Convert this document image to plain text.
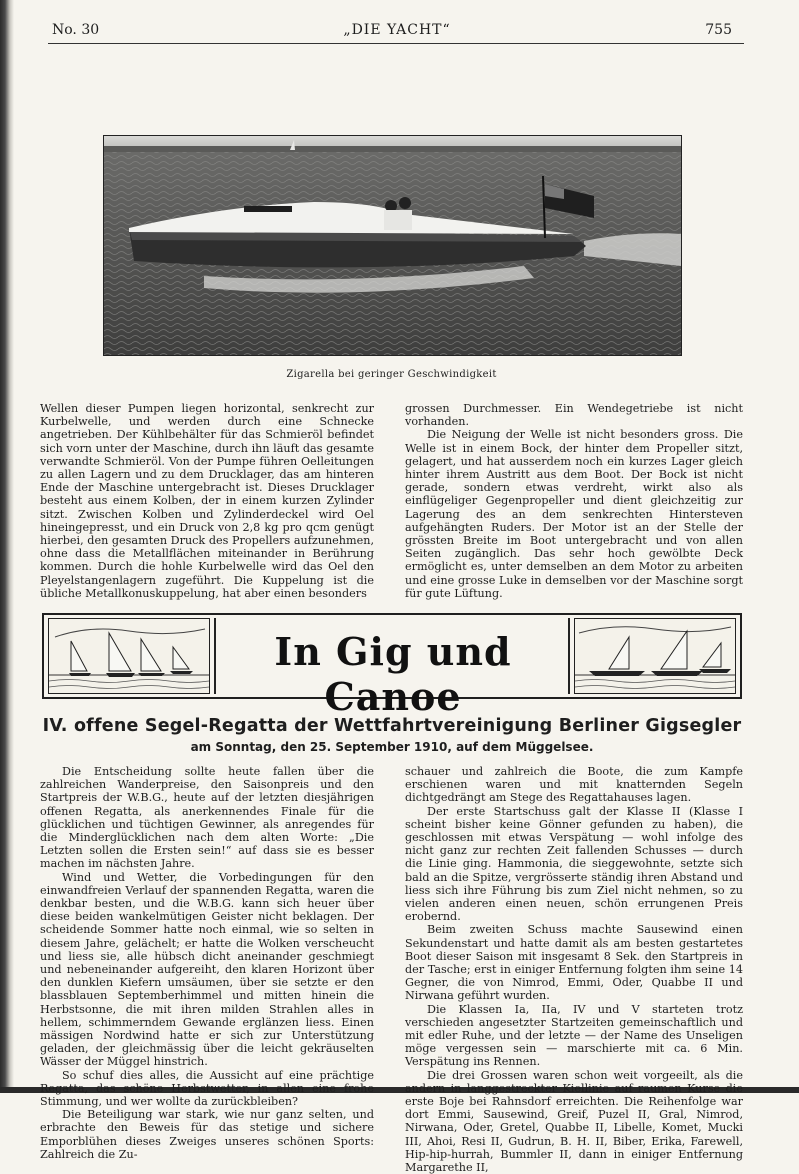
No. 30	„DIE YACHT“	755
Zigarella bei geringer Geschwindigkeit

Wellen dieser Pumpen liegen horizontal, senkrecht zur Kurbelwelle, und werden durch eine Schnecke angetrieben. Der Kühlbehälter für das Schmieröl befindet sich vorn unter der Maschine, durch ihn läuft das gesamte verwandte Schmieröl. Von der Pumpe führen Oelleitungen zu allen Lagern und zu dem Drucklager, das am hinteren Ende der Maschine untergebracht ist. Dieses Drucklager besteht aus einem Kolben, der in einem kurzen Zylinder sitzt. Zwischen Kolben und Zylinderdeckel wird Oel hineingepresst, und ein Druck von 2,8 kg pro qcm genügt hierbei, den gesamten Druck des Propellers aufzunehmen, ohne dass die Metallflächen miteinander in Berührung kommen. Durch die hohle Kurbelwelle wird das Oel den Pleyelstangenlagern zugeführt. Die Kuppelung ist die übliche Metallkonuskuppelung, hat aber einen besonders

grossen Durchmesser. Ein Wendegetriebe ist nicht vorhanden.

Die Neigung der Welle ist nicht besonders gross. Die Welle ist in einem Bock, der hinter dem Propeller sitzt, gelagert, und hat ausserdem noch ein kurzes Lager gleich hinter ihrem Austritt aus dem Boot. Der Bock ist nicht gerade, sondern etwas verdreht, wirkt also als einflügeliger Gegenpropeller und dient gleichzeitig zur Lagerung des an dem senkrechten Hintersteven aufgehängten Ruders. Der Motor ist an der Stelle der grössten Breite im Boot untergebracht und von allen Seiten zugänglich. Das sehr hoch gewölbte Deck ermöglicht es, unter demselben an dem Motor zu arbeiten und eine grosse Luke in demselben vor der Maschine sorgt für gute Lüftung.

In Gig und Canoe
IV. offene Segel-Regatta der Wettfahrtvereinigung Berliner Gigsegler
am Sonntag, den 25. September 1910, auf dem Müggelsee.

Die Entscheidung sollte heute fallen über die zahlreichen Wanderpreise, den Saisonpreis und den Startpreis der W.B.G., heute auf der letzten diesjährigen offenen Regatta, als anerkennendes Finale für die glücklichen und tüchtigen Gewinner, als anregendes für die Minderglücklichen nach dem alten Worte: „Die Letzten sollen die Ersten sein!“ auf dass sie es besser machen im nächsten Jahre.

Wind und Wetter, die Vorbedingungen für den einwandfreien Verlauf der spannenden Regatta, waren die denkbar besten, und die W.B.G. kann sich heuer über diese beiden wankelmütigen Geister nicht beklagen. Der scheidende Sommer hatte noch einmal, wie so selten in diesem Jahre, gelächelt; er hatte die Wolken verscheucht und liess sie, alle hübsch dicht aneinander geschmiegt und nebeneinander aufgereiht, den klaren Horizont über den dunklen Kiefern umsäumen, über sie setzte er den blassblauen Septemberhimmel und mitten hinein die Herbstsonne, die mit ihren milden Strahlen alles in hellem, schimmerndem Gewande erglänzen liess. Einen mässigen Nordwind hatte er sich zur Unterstützung geladen, der gleichmässig über die leicht gekräuselten Wässer der Müggel hinstrich.

So schuf dies alles, die Aussicht auf eine prächtige Regatta, das schöne Herbstwetter, in allen eine frohe Stimmung, und wer wollte da zurückbleiben?

Die Beteiligung war stark, wie nur ganz selten, und erbrachte den Beweis für das stetige und sichere Emporblühen dieses Zweiges unseres schönen Sports: Zahlreich die Zu-

schauer und zahlreich die Boote, die zum Kampfe erschienen waren und mit knatternden Segeln dichtgedrängt am Stege des Regattahauses lagen.

Der erste Startschuss galt der Klasse II (Klasse I scheint bisher keine Gönner gefunden zu haben), die geschlossen mit etwas Verspätung — wohl infolge des nicht ganz zur rechten Zeit fallenden Schusses — durch die Linie ging. Hammonia, die sieggewohnte, setzte sich bald an die Spitze, vergrösserte ständig ihren Abstand und liess sich ihre Führung bis zum Ziel nicht nehmen, so zu vielen anderen einen neuen, schön errungenen Preis erobernd.

Beim zweiten Schuss machte Sausewind einen Sekundenstart und hatte damit als am besten gestartetes Boot dieser Saison mit insgesamt 8 Sek. den Startpreis in der Tasche; erst in einiger Entfernung folgten ihm seine 14 Gegner, die von Nimrod, Emmi, Oder, Quabbe II und Nirwana geführt wurden.

Die Klassen Ia, IIa, IV und V starteten trotz verschieden angesetzter Startzeiten gemeinschaftlich und mit edler Ruhe, und der letzte — der Name des Unseligen möge vergessen sein — marschierte mit ca. 6 Min. Verspätung ins Rennen.

Die drei Grossen waren schon weit vorgeeilt, als die andern in langgestreckter Kiellinie auf raumen Kurse die erste Boje bei Rahnsdorf erreichten. Die Reihenfolge war dort Emmi, Sausewind, Greif, Puzel II, Gral, Nimrod, Nirwana, Oder, Gretel, Quabbe II, Libelle, Komet, Mucki III, Ahoi, Resi II, Gudrun, B. H. II, Biber, Erika, Farewell, Hip-hip-hurrah, Bummler II, dann in einiger Entfernung Margarethe II,
